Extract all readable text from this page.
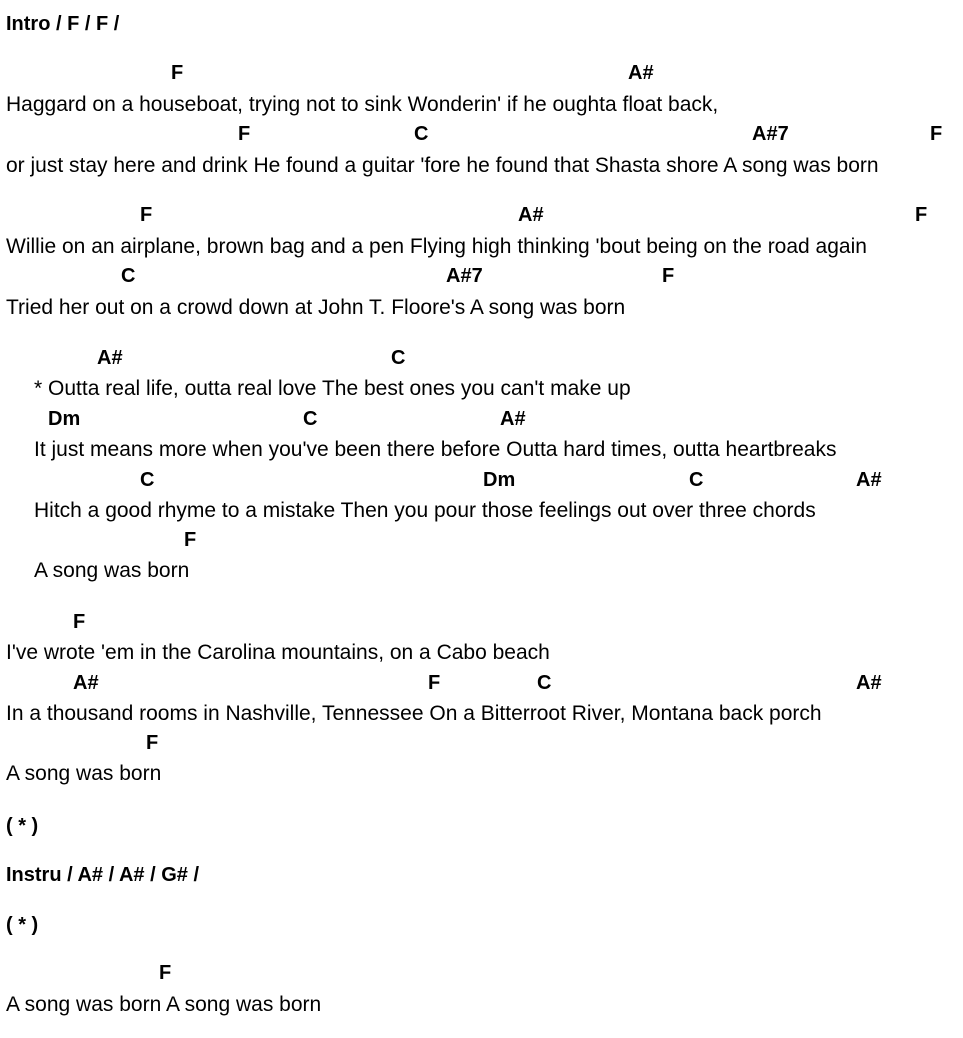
Intro / F / F /
F	A#
Haggard on a houseboat, trying not to sink Wonderin' if he oughta float back,
F	C	A#7	F
or just stay here and drink He found a guitar 'fore he found that Shasta shore A song was born
F	A#	F
Willie on an airplane, brown bag and a pen Flying high thinking 'bout being on the road again
C	A#7	F
Tried her out on a crowd down at John T. Floore's A song was born
A#	C
* Outta real life, outta real love The best ones you can't make up
Dm	C	A#
It just means more when you've been there before Outta hard times, outta heartbreaks
C	Dm	C	A#
Hitch a good rhyme to a mistake Then you pour those feelings out over three chords
F
A song was born
F
I've wrote 'em in the Carolina mountains, on a Cabo beach
A#	F	C	A#
In a thousand rooms in Nashville, Tennessee On a Bitterroot River, Montana back porch
F
A song was born
( * )
Instru / A# / A# / G# /
( * )
F
A song was born A song was born
